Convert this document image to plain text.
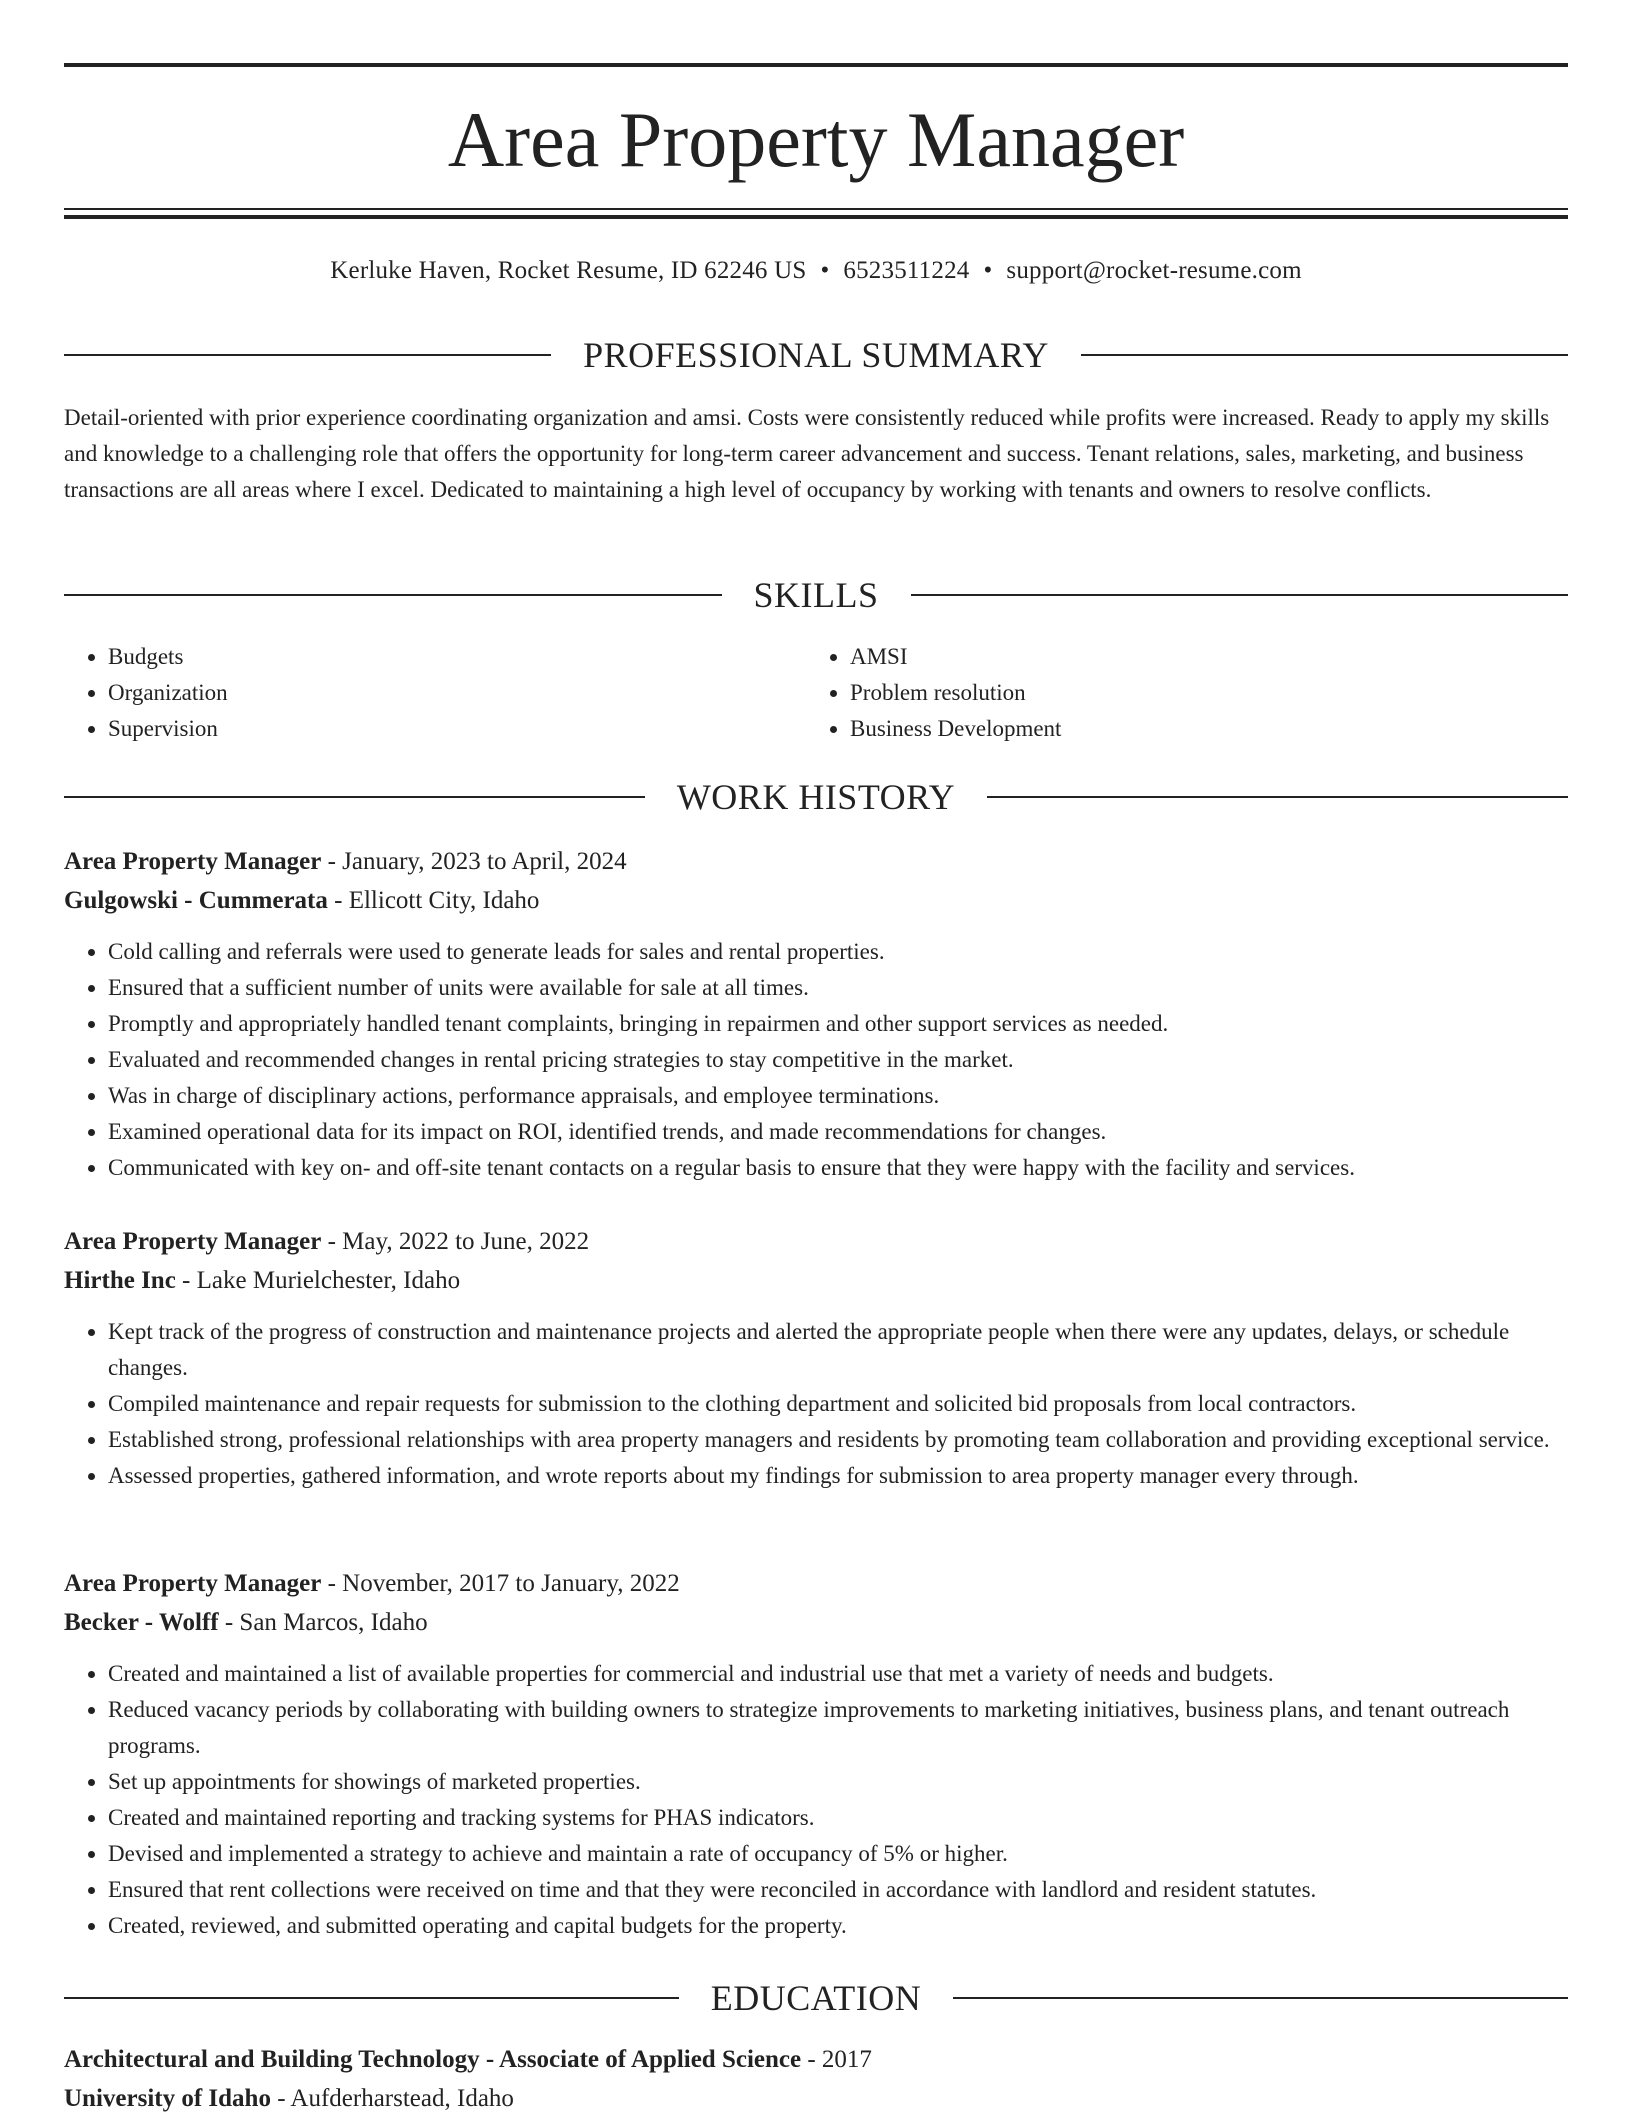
Area Property Manager
Kerluke Haven, Rocket Resume, ID 62246 US • 6523511224 • support@rocket-resume.com
PROFESSIONAL SUMMARY

Detail-oriented with prior experience coordinating organization and amsi. Costs were consistently reduced while profits were increased. Ready to apply my skills and knowledge to a challenging role that offers the opportunity for long-term career advancement and success. Tenant relations, sales, marketing, and business transactions are all areas where I excel. Dedicated to maintaining a high level of occupancy by working with tenants and owners to resolve conflicts.

SKILLS
• Budgets
• Organization
• Supervision
• AMSI
• Problem resolution
• Business Development
WORK HISTORY
Area Property Manager - January, 2023 to April, 2024
Gulgowski - Cummerata - Ellicott City, Idaho
• Cold calling and referrals were used to generate leads for sales and rental properties.
• Ensured that a sufficient number of units were available for sale at all times.
• Promptly and appropriately handled tenant complaints, bringing in repairmen and other support services as needed.
• Evaluated and recommended changes in rental pricing strategies to stay competitive in the market.
• Was in charge of disciplinary actions, performance appraisals, and employee terminations.
• Examined operational data for its impact on ROI, identified trends, and made recommendations for changes.
• Communicated with key on- and off-site tenant contacts on a regular basis to ensure that they were happy with the facility and services.
Area Property Manager - May, 2022 to June, 2022
Hirthe Inc - Lake Murielchester, Idaho
• Kept track of the progress of construction and maintenance projects and alerted the appropriate people when there were any updates, delays, or schedule changes.
• Compiled maintenance and repair requests for submission to the clothing department and solicited bid proposals from local contractors.
• Established strong, professional relationships with area property managers and residents by promoting team collaboration and providing exceptional service.
• Assessed properties, gathered information, and wrote reports about my findings for submission to area property manager every through.
Area Property Manager - November, 2017 to January, 2022
Becker - Wolff - San Marcos, Idaho
• Created and maintained a list of available properties for commercial and industrial use that met a variety of needs and budgets.
• Reduced vacancy periods by collaborating with building owners to strategize improvements to marketing initiatives, business plans, and tenant outreach programs.
• Set up appointments for showings of marketed properties.
• Created and maintained reporting and tracking systems for PHAS indicators.
• Devised and implemented a strategy to achieve and maintain a rate of occupancy of 5% or higher.
• Ensured that rent collections were received on time and that they were reconciled in accordance with landlord and resident statutes.
• Created, reviewed, and submitted operating and capital budgets for the property.
EDUCATION
Architectural and Building Technology - Associate of Applied Science - 2017
University of Idaho - Aufderharstead, Idaho
